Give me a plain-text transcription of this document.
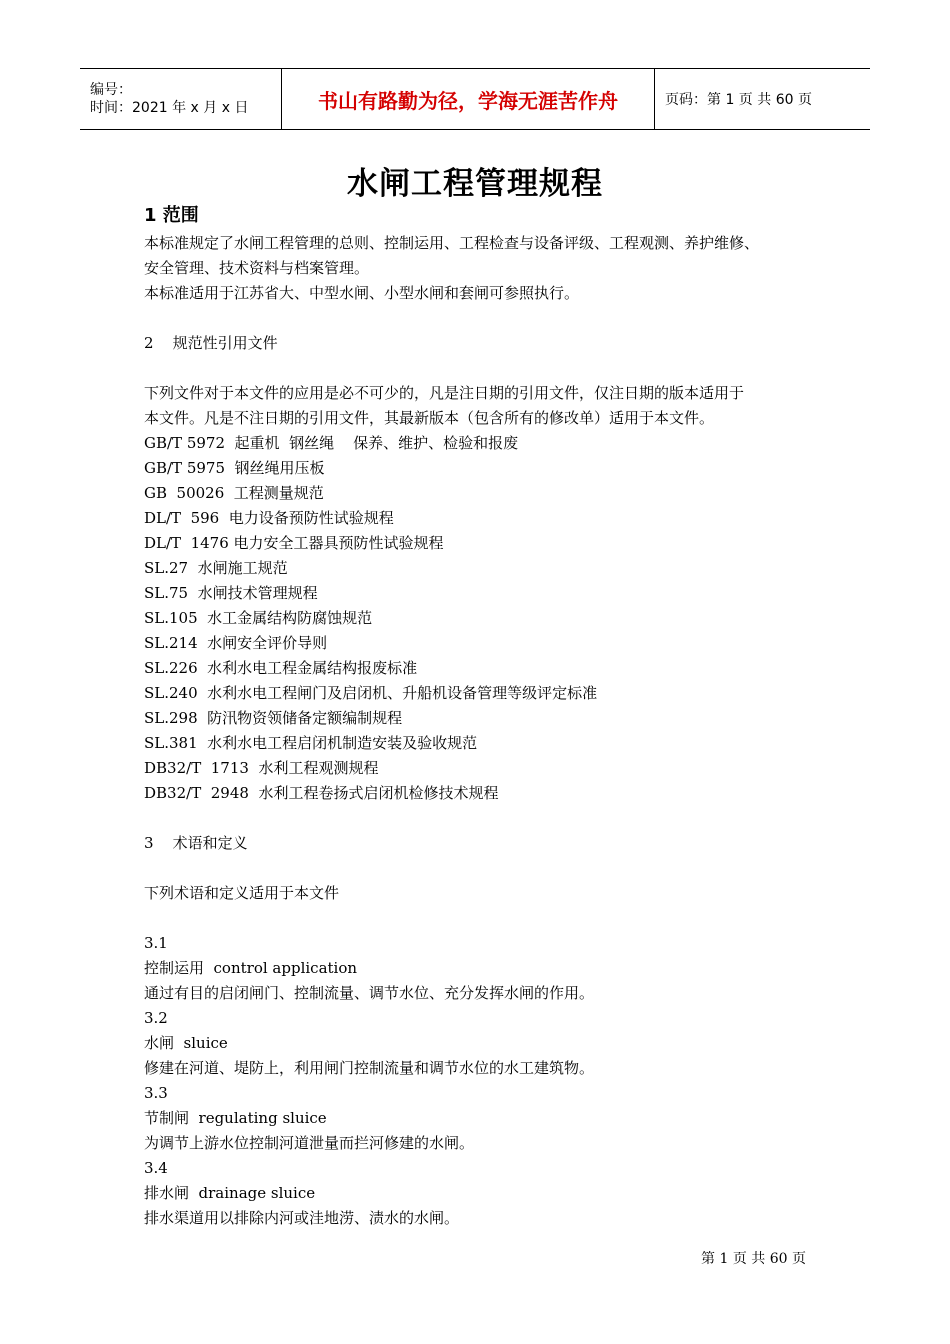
编号：
时间：2021 年 x 月 x 日	书山有路勤为径，学海无涯苦作舟	页码：第 1 页 共 60 页
水闸工程管理规程
1 范围

本标准规定了水闸工程管理的总则、控制运用、工程检查与设备评级、工程观测、养护维修、

安全管理、技术资料与档案管理。

本标准适用于江苏省大、中型水闸、小型水闸和套闸可参照执行。

2    规范性引用文件

下列文件对于本文件的应用是必不可少的，凡是注日期的引用文件，仅注日期的版本适用于

本文件。凡是不注日期的引用文件，其最新版本（包含所有的修改单）适用于本文件。

GB/T 5972  起重机  钢丝绳    保养、维护、检验和报废

GB/T 5975  钢丝绳用压板

GB  50026  工程测量规范

DL/T  596  电力设备预防性试验规程

DL/T  1476 电力安全工器具预防性试验规程

SL.27  水闸施工规范

SL.75  水闸技术管理规程

SL.105  水工金属结构防腐蚀规范

SL.214  水闸安全评价导则

SL.226  水利水电工程金属结构报废标准

SL.240  水利水电工程闸门及启闭机、升船机设备管理等级评定标准

SL.298  防汛物资领储备定额编制规程

SL.381  水利水电工程启闭机制造安装及验收规范

DB32/T  1713  水利工程观测规程

DB32/T  2948  水利工程卷扬式启闭机检修技术规程

3    术语和定义

下列术语和定义适用于本文件

3.1

控制运用  control application

通过有目的启闭闸门、控制流量、调节水位、充分发挥水闸的作用。

3.2

水闸  sluice

修建在河道、堤防上，利用闸门控制流量和调节水位的水工建筑物。

3.3

节制闸  regulating sluice

为调节上游水位控制河道泄量而拦河修建的水闸。

3.4

排水闸  drainage sluice

排水渠道用以排除内河或洼地涝、渍水的水闸。

第 1 页 共 60 页
